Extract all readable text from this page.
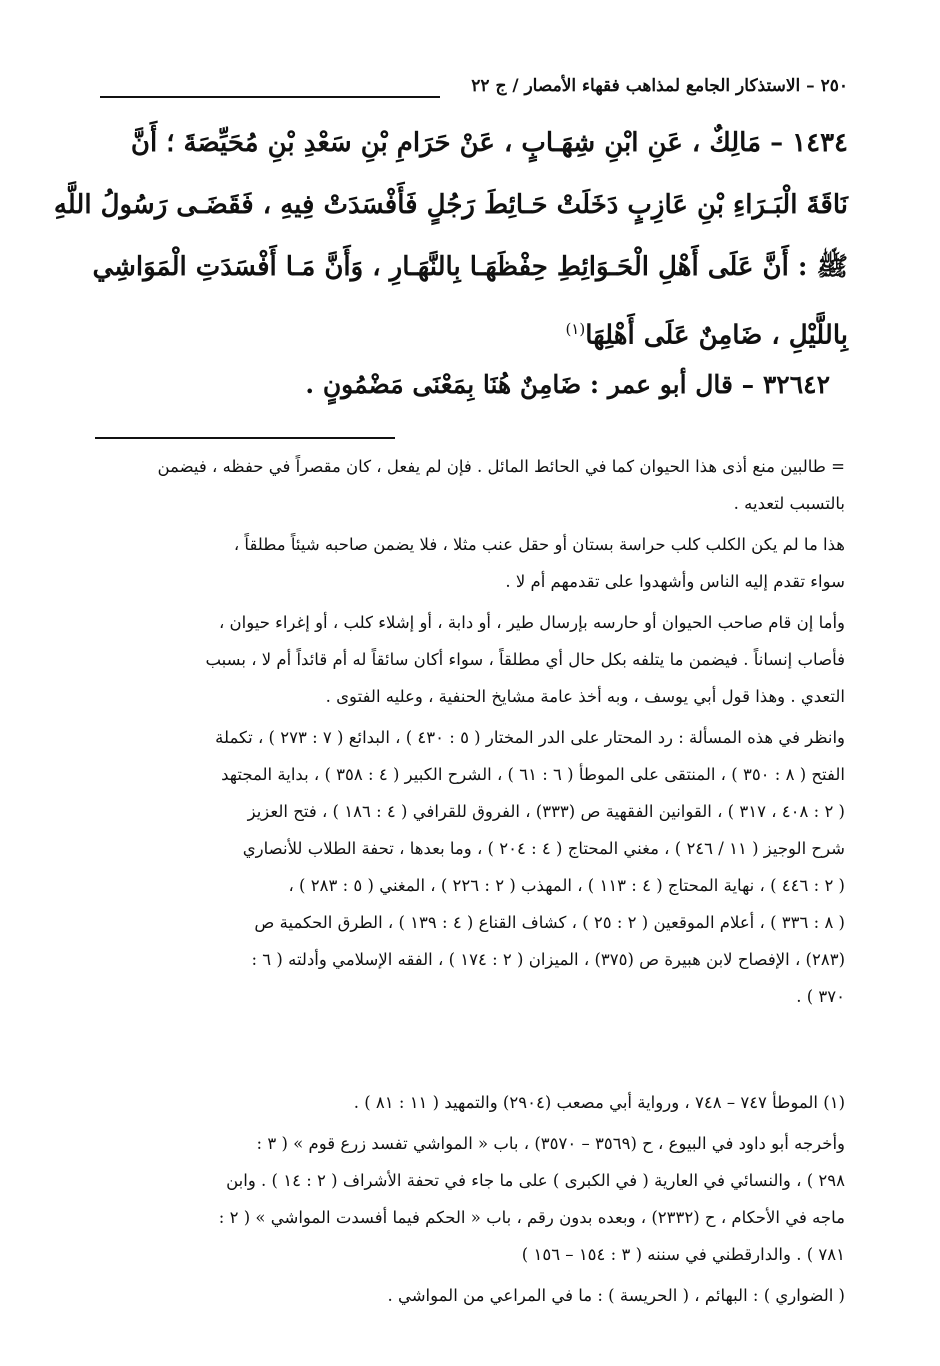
٢٥٠ – الاستذكار الجامع لمذاهب فقهاء الأمصار / ج ٢٢
١٤٣٤ – مَالِكٌ ، عَنِ ابْنِ شِهَـابٍ ، عَنْ حَرَامِ بْنِ سَعْدِ بْنِ مُحَيِّصَةَ ؛ أَنَّ
نَاقَةَ الْبَـرَاءِ بْنِ عَازِبٍ دَخَلَتْ حَـائِطَ رَجُلٍ فَأَفْسَدَتْ فِيهِ ، فَقَضَـى رَسُولُ اللَّهِ
ﷺ : أَنَّ عَلَى أَهْلِ الْحَـوَائِطِ حِفْظَهَـا بِالنَّهَـارِ ، وَأَنَّ مَـا أَفْسَدَتِ الْمَوَاشِي
بِاللَّيْلِ ، ضَامِنٌ عَلَى أَهْلِهَا$^{(١)}$
٣٢٦٤٢ – قال أبو عمر : ضَامِنٌ هُنَا بِمَعْنَى مَضْمُونٍ .

= طالبين منع أذى هذا الحيوان كما في الحائط المائل . فإن لم يفعل ، كان مقصراً في حفظه ، فيضمن
بالتسبب لتعديه .

هذا ما لم يكن الكلب كلب حراسة بستان أو حقل عنب مثلا ، فلا يضمن صاحبه شيئاً مطلقاً ،
سواء تقدم إليه الناس وأشهدوا على تقدمهم أم لا .

وأما إن قام صاحب الحيوان أو حارسه بإرسال طير ، أو دابة ، أو إشلاء كلب ، أو إغراء حيوان ،
فأصاب إنساناً . فيضمن ما يتلفه بكل حال أي مطلقاً ، سواء أكان سائقاً له أم قائداً أم لا ، بسبب
التعدي . وهذا قول أبي يوسف ، وبه أخذ عامة مشايخ الحنفية ، وعليه الفتوى .

وانظر في هذه المسألة : رد المحتار على الدر المختار ( ٥ : ٤٣٠ ) ، البدائع ( ٧ : ٢٧٣ ) ، تكملة
الفتح ( ٨ : ٣٥٠ ) ، المنتقى على الموطأ ( ٦ : ٦١ ) ، الشرح الكبير ( ٤ : ٣٥٨ ) ، بداية المجتهد
( ٢ : ٤٠٨ ، ٣١٧ ) ، القوانين الفقهية ص (٣٣٣) ، الفروق للقرافي ( ٤ : ١٨٦ ) ، فتح العزيز
شرح الوجيز ( ١١ / ٢٤٦ ) ، مغني المحتاج ( ٤ : ٢٠٤ ) ، وما بعدها ، تحفة الطلاب للأنصاري
( ٢ : ٤٤٦ ) ، نهاية المحتاج ( ٤ : ١١٣ ) ، المهذب ( ٢ : ٢٢٦ ) ، المغني ( ٥ : ٢٨٣ ) ،
( ٨ : ٣٣٦ ) ، أعلام الموقعين ( ٢ : ٢٥ ) ، كشاف القناع ( ٤ : ١٣٩ ) ، الطرق الحكمية ص
(٢٨٣) ، الإفصاح لابن هبيرة ص (٣٧٥) ، الميزان ( ٢ : ١٧٤ ) ، الفقه الإسلامي وأدلته ( ٦ :
٣٧٠ ) .

(١) الموطأ ٧٤٧ – ٧٤٨ ، ورواية أبي مصعب (٢٩٠٤) والتمهيد ( ١١ : ٨١ ) .

وأخرجه أبو داود في البيوع ، ح (٣٥٦٩ – ٣٥٧٠) ، باب « المواشي تفسد زرع قوم » ( ٣ :
٢٩٨ ) ، والنسائي في العارية ( في الكبرى ) على ما جاء في تحفة الأشراف ( ٢ : ١٤ ) . وابن
ماجه في الأحكام ، ح (٢٣٣٢) ، وبعده بدون رقم ، باب « الحكم فيما أفسدت المواشي » ( ٢ :
٧٨١ ) . والدارقطني في سننه ( ٣ : ١٥٤ – ١٥٦ )

( الضواري ) : البهائم ، ( الحريسة ) : ما في المراعي من المواشي .
